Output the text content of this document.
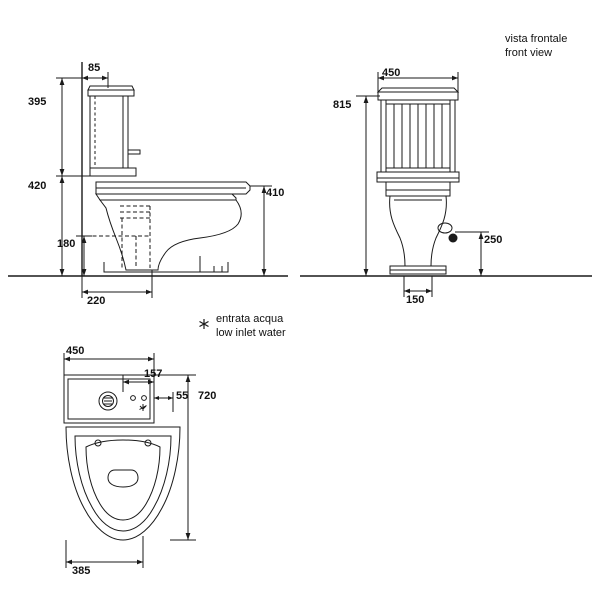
85
395
420
180
410
220
450
815
250
150
450
157
55 720
385
vista frontale
front view
entrata acqua
low inlet water
